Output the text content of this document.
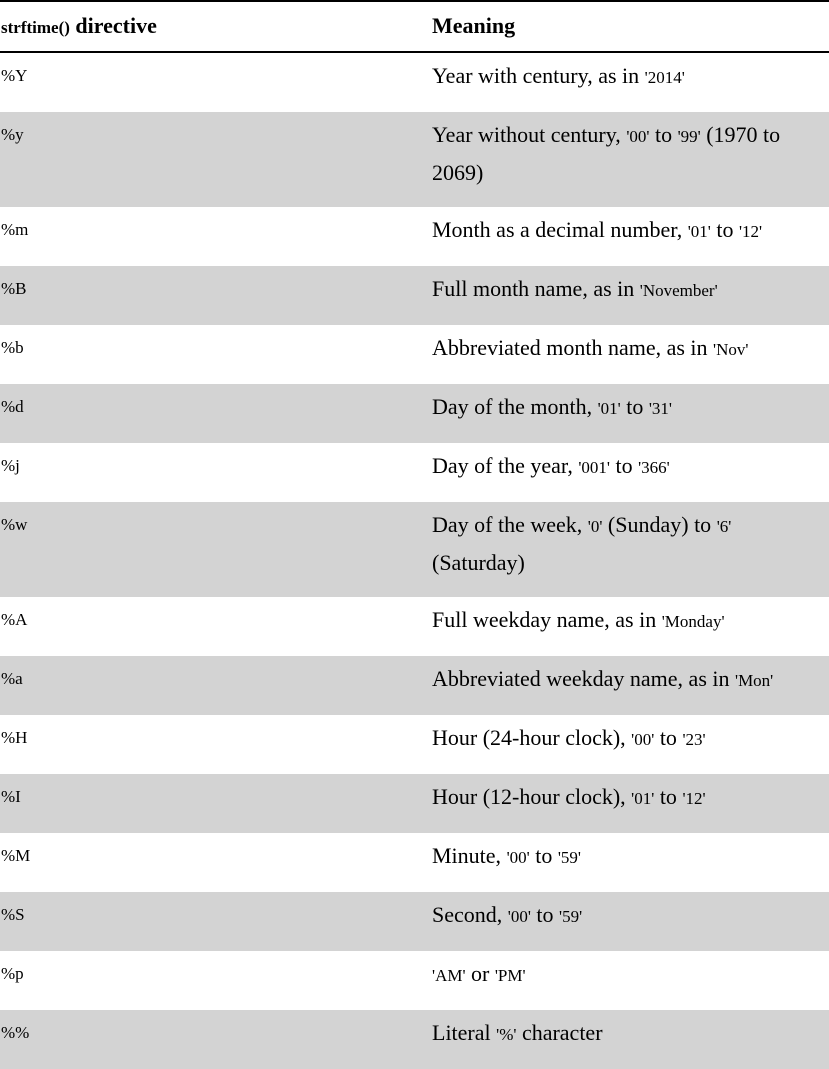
strftime() directive	Meaning
%Y	Year with century, as in '2014'
%y	Year without century, '00' to '99' (1970 to 2069)
%m	Month as a decimal number, '01' to '12'
%B	Full month name, as in 'November'
%b	Abbreviated month name, as in 'Nov'
%d	Day of the month, '01' to '31'
%j	Day of the year, '001' to '366'
%w	Day of the week, '0' (Sunday) to '6' (Saturday)
%A	Full weekday name, as in 'Monday'
%a	Abbreviated weekday name, as in 'Mon'
%H	Hour (24-hour clock), '00' to '23'
%I	Hour (12-hour clock), '01' to '12'
%M	Minute, '00' to '59'
%S	Second, '00' to '59'
%p	'AM' or 'PM'
%%	Literal '%' character
